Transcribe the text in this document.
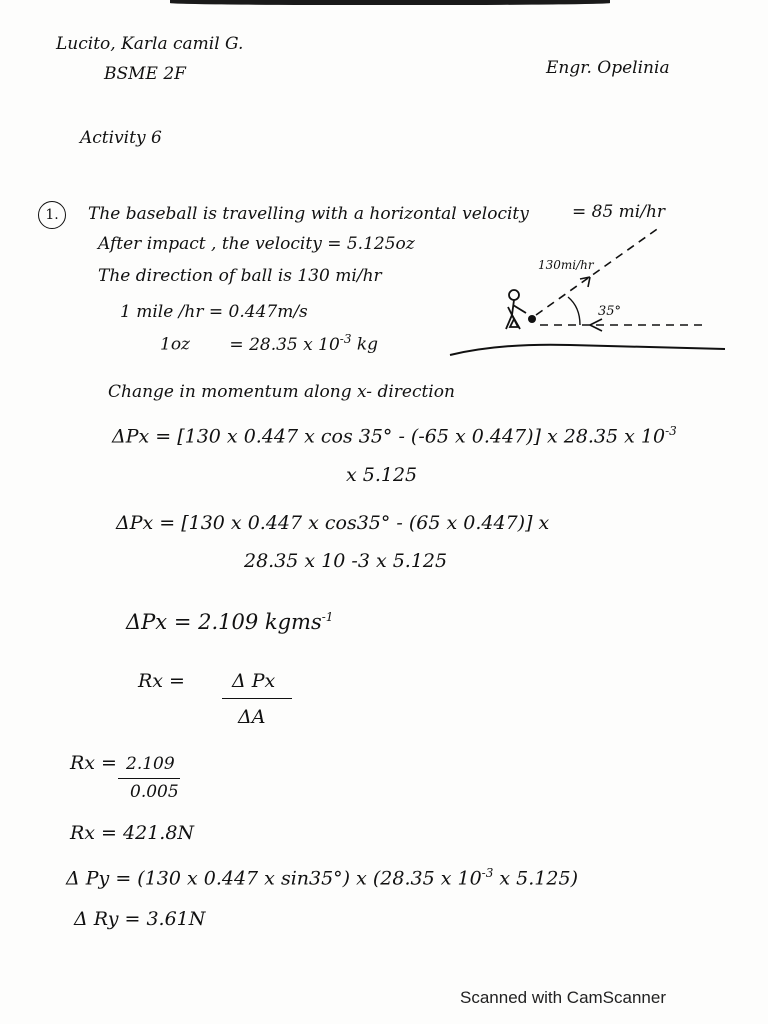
Lucito, Karla camil G.
BSME 2F	Engr. Opelinia
Activity 6
1.	The baseball is travelling with a horizontal velocity	= 85 mi/hr
After impact , the velocity = 5.125oz
The direction of ball is 130 mi/hr
1 mile /hr = 0.447m/s
1oz = 28.35 x $10^{-3}$ kg
130mi/hr
35°
Change in momentum along x- direction
ΔPx = [130 x 0.447 x cos 35° - (-65 x 0.447)] x 28.35 x $10^{-3}$
x 5.125
ΔPx = [130 x 0.447 x cos35° - (65 x 0.447)] x
28.35 x 10 -3 x 5.125
ΔPx = 2.109 kgms$^{-1}$
Rx = Δ Px
ΔA
Rx = 2.109
0.005
Rx = 421.8N
Δ Py = (130 x 0.447 x sin35°) x (28.35 x $10^{-3}$ x 5.125)
Δ Ry = 3.61N
Scanned with CamScanner
